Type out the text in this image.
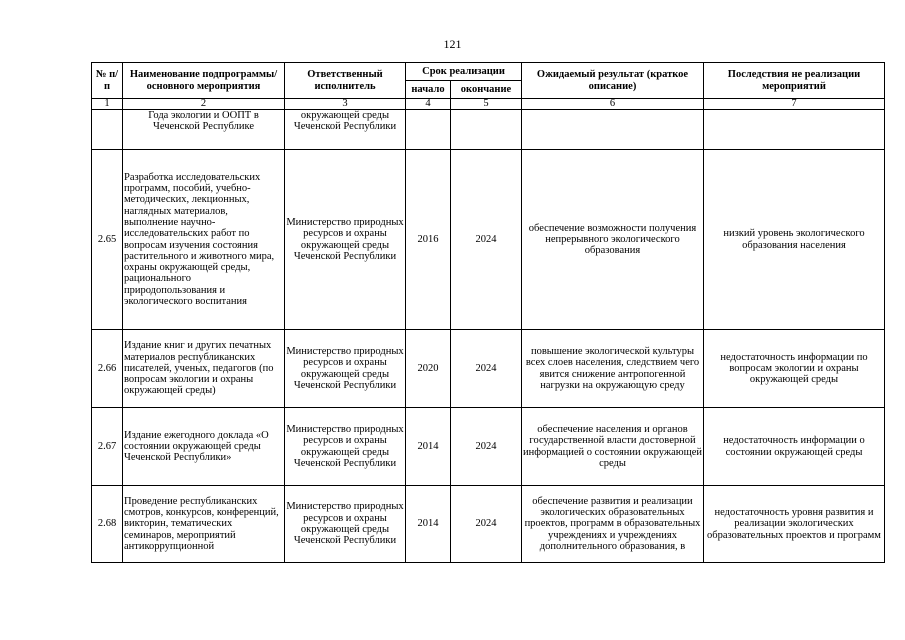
121
№ п/п	Наименование подпрограммы/ основного мероприятия	Ответственный исполнитель	Срок реализации		Ожидаемый результат (краткое описание)	Последствия не реализации мероприятий
			начало	окончание		
1	2	3	4	5	6	7
	Года экологии и ООПТ в Чеченской Республике	окружающей среды Чеченской Республики				
2.65	Разработка исследовательских программ, пособий, учебно-методических, лекционных, наглядных материалов, выполнение научно-исследовательских работ по вопросам изучения состояния растительного и животного мира, охраны окружающей среды, рационального природопользования и экологического воспитания	Министерство природных ресурсов и охраны окружающей среды Чеченской Республики	2016	2024	обеспечение возможности получения непрерывного экологического образования	низкий уровень экологического образования населения
2.66	Издание книг и других печатных материалов республиканских писателей, ученых, педагогов (по вопросам экологии и охраны окружающей среды)	Министерство природных ресурсов и охраны окружающей среды Чеченской Республики	2020	2024	повышение экологической культуры всех слоев населения, следствием чего явится снижение антропогенной нагрузки на окружающую среду	недостаточность информации по вопросам экологии и охраны окружающей среды
2.67	Издание ежегодного доклада «О состоянии окружающей среды Чеченской Республики»	Министерство природных ресурсов и охраны окружающей среды Чеченской Республики	2014	2024	обеспечение населения и органов государственной власти достоверной информацией о состоянии окружающей среды	недостаточность информации о состоянии окружающей среды
2.68	Проведение республиканских смотров, конкурсов, конференций, викторин, тематических семинаров, мероприятий антикоррупционной	Министерство природных ресурсов и охраны окружающей среды Чеченской Республики	2014	2024	обеспечение развития и реализации экологических образовательных проектов, программ в образовательных учреждениях и учреждениях дополнительного образования, в	недостаточность уровня развития и реализации экологических образовательных проектов и программ
